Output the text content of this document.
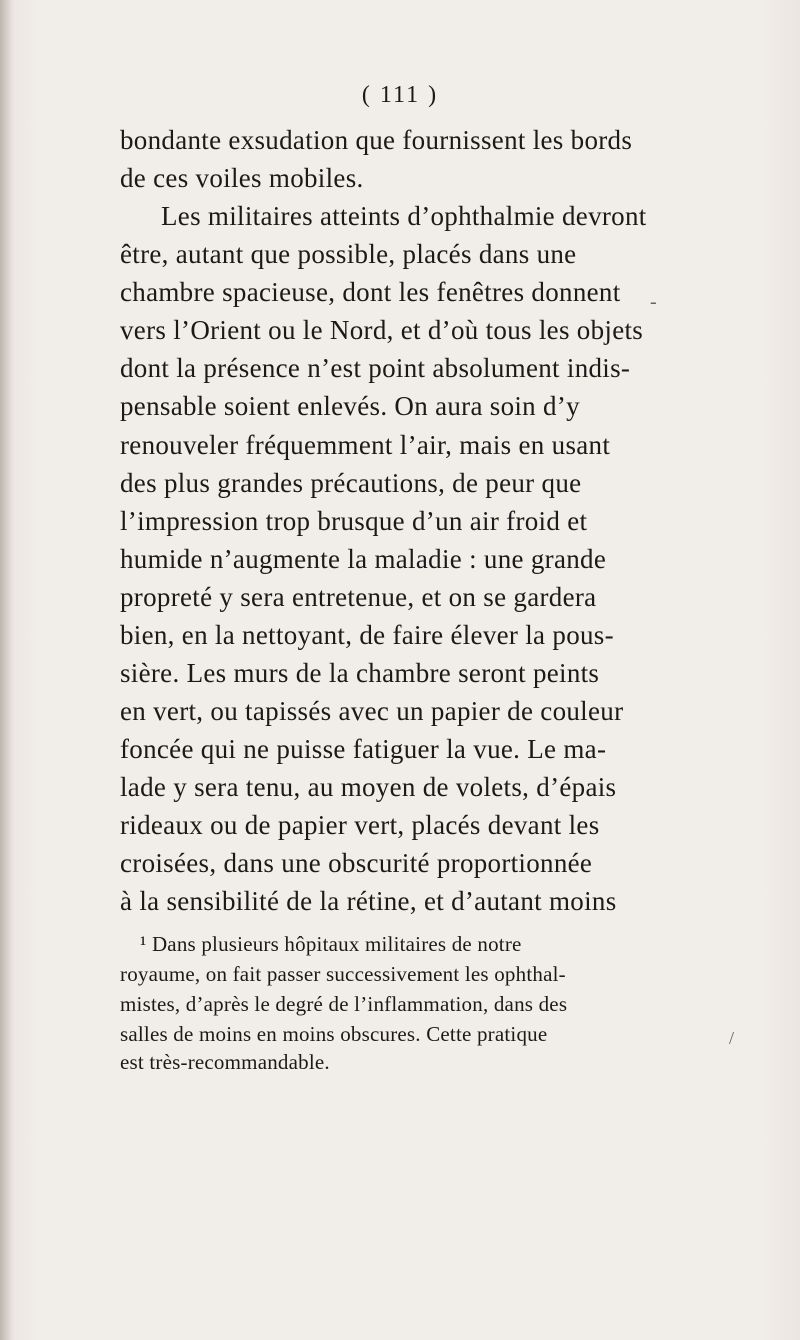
( 111 )
bondante exsudation que fournissent les bords
de ces voiles mobiles.
Les militaires atteints d’ophthalmie devront
être, autant que possible, placés dans une
chambre spacieuse, dont les fenêtres donnent
vers l’Orient ou le Nord, et d’où tous les objets
dont la présence n’est point absolument indis-
pensable soient enlevés. On aura soin d’y
renouveler fréquemment l’air, mais en usant
des plus grandes précautions, de peur que
l’impression trop brusque d’un air froid et
humide n’augmente la maladie : une grande
propreté y sera entretenue, et on se gardera
bien, en la nettoyant, de faire élever la pous-
sière. Les murs de la chambre seront peints
en vert, ou tapissés avec un papier de couleur
foncée qui ne puisse fatiguer la vue. Le ma-
lade y sera tenu, au moyen de volets, d’épais
rideaux ou de papier vert, placés devant les
croisées, dans une obscurité proportionnée
à la sensibilité de la rétine, et d’autant moins
¹ Dans plusieurs hôpitaux militaires de notre
royaume, on fait passer successivement les ophthal-
mistes, d’après le degré de l’inflammation, dans des
salles de moins en moins obscures. Cette pratique
est très-recommandable.
-
/
